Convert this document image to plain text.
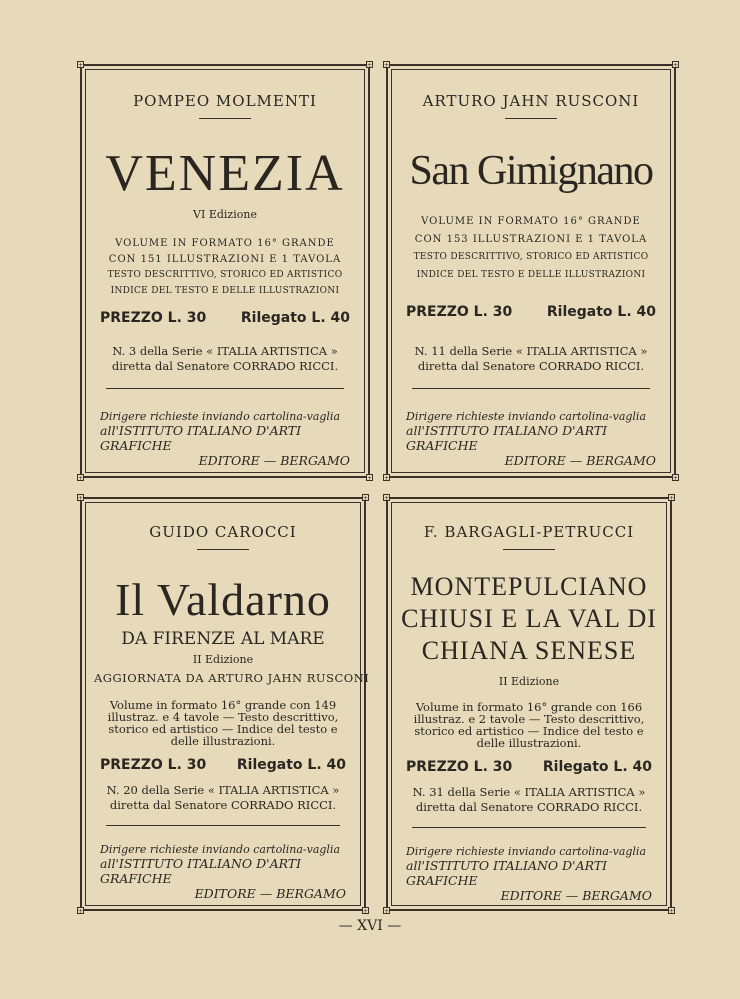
+	+
+	+
POMPEO MOLMENTI
VENEZIA
VI Edizione
VOLUME IN FORMATO 16° GRANDE
CON 151 ILLUSTRAZIONI E 1 TAVOLA
TESTO DESCRITTIVO, STORICO ED ARTISTICO
INDICE DEL TESTO E DELLE ILLUSTRAZIONI
PREZZO L. 30 Rilegato L. 40
N. 3 della Serie « ITALIA ARTISTICA »
diretta dal Senatore CORRADO RICCI.
Dirigere richieste inviando cartolina-vaglia
all'ISTITUTO ITALIANO D'ARTI GRAFICHE
EDITORE — BERGAMO
+	+
+	+
ARTURO JAHN RUSCONI
San Gimignano
VOLUME IN FORMATO 16° GRANDE
CON 153 ILLUSTRAZIONI E 1 TAVOLA
TESTO DESCRITTIVO, STORICO ED ARTISTICO
INDICE DEL TESTO E DELLE ILLUSTRAZIONI
PREZZO L. 30 Rilegato L. 40
N. 11 della Serie « ITALIA ARTISTICA »
diretta dal Senatore CORRADO RICCI.
Dirigere richieste inviando cartolina-vaglia
all'ISTITUTO ITALIANO D'ARTI GRAFICHE
EDITORE — BERGAMO
+	+
+	+
GUIDO CAROCCI
Il Valdarno
DA FIRENZE AL MARE
II Edizione
AGGIORNATA DA ARTURO JAHN RUSCONI
Volume in formato 16° grande con 149
illustraz. e 4 tavole — Testo descrittivo,
storico ed artistico — Indice del testo e
delle illustrazioni.
PREZZO L. 30 Rilegato L. 40
N. 20 della Serie « ITALIA ARTISTICA »
diretta dal Senatore CORRADO RICCI.
Dirigere richieste inviando cartolina-vaglia
all'ISTITUTO ITALIANO D'ARTI GRAFICHE
EDITORE — BERGAMO
+	+
+	+
F. BARGAGLI-PETRUCCI
MONTEPULCIANO
CHIUSI E LA VAL DI
CHIANA SENESE
II Edizione
Volume in formato 16° grande con 166
illustraz. e 2 tavole — Testo descrittivo,
storico ed artistico — Indice del testo e
delle illustrazioni.
PREZZO L. 30 Rilegato L. 40
N. 31 della Serie « ITALIA ARTISTICA »
diretta dal Senatore CORRADO RICCI.
Dirigere richieste inviando cartolina-vaglia
all'ISTITUTO ITALIANO D'ARTI GRAFICHE
EDITORE — BERGAMO
— XVI —
